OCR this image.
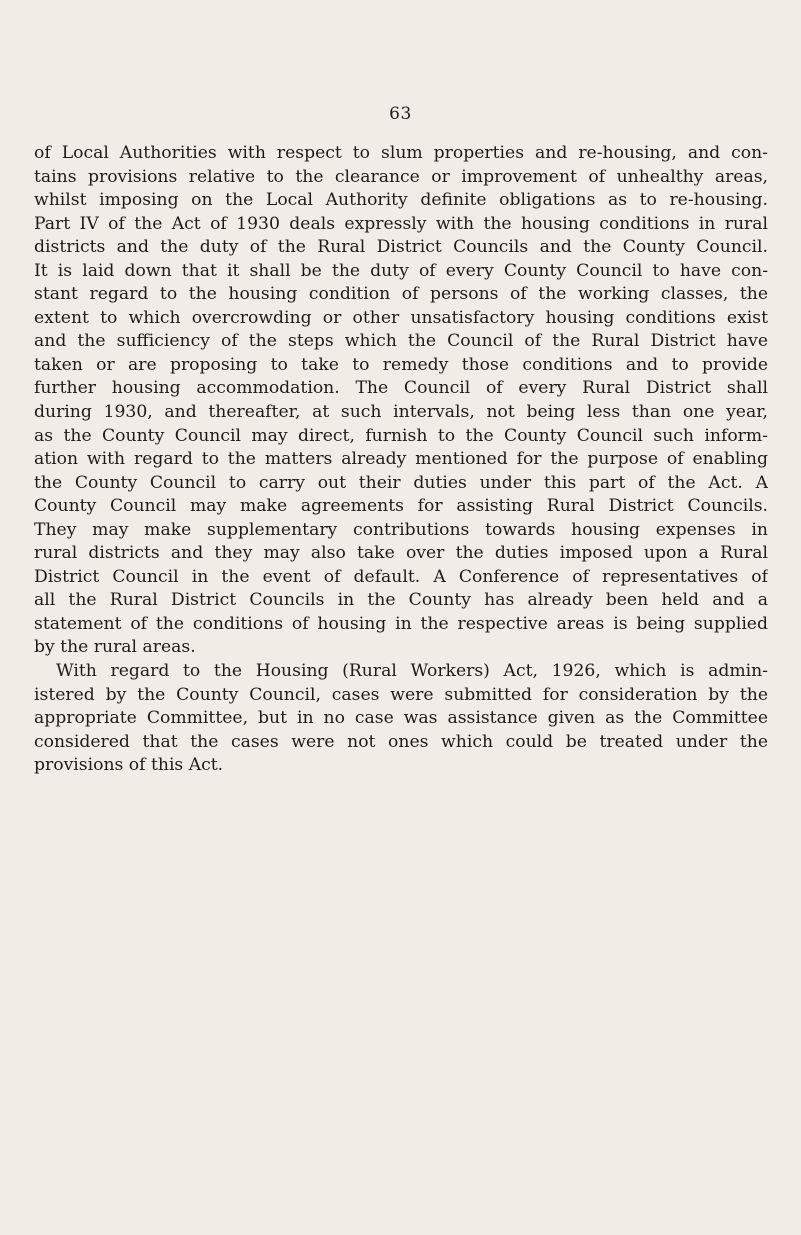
63
of Local Authorities with respect to slum properties and re-housing, and con-
tains provisions relative to the clearance or improvement of unhealthy areas,
whilst imposing on the Local Authority definite obligations as to re-housing.
Part IV of the Act of 1930 deals expressly with the housing conditions in rural
districts and the duty of the Rural District Councils and the County Council.
It is laid down that it shall be the duty of every County Council to have con-
stant regard to the housing condition of persons of the working classes, the
extent to which overcrowding or other unsatisfactory housing conditions exist
and the sufficiency of the steps which the Council of the Rural District have
taken or are proposing to take to remedy those conditions and to provide
further housing accommodation. The Council of every Rural District shall
during 1930, and thereafter, at such intervals, not being less than one year,
as the County Council may direct, furnish to the County Council such inform-
ation with regard to the matters already mentioned for the purpose of enabling
the County Council to carry out their duties under this part of the Act. A
County Council may make agreements for assisting Rural District Councils.
They may make supplementary contributions towards housing expenses in
rural districts and they may also take over the duties imposed upon a Rural
District Council in the event of default. A Conference of representatives of
all the Rural District Councils in the County has already been held and a
statement of the conditions of housing in the respective areas is being supplied
by the rural areas.
With regard to the Housing (Rural Workers) Act, 1926, which is admin-
istered by the County Council, cases were submitted for consideration by the
appropriate Committee, but in no case was assistance given as the Committee
considered that the cases were not ones which could be treated under the
provisions of this Act.
